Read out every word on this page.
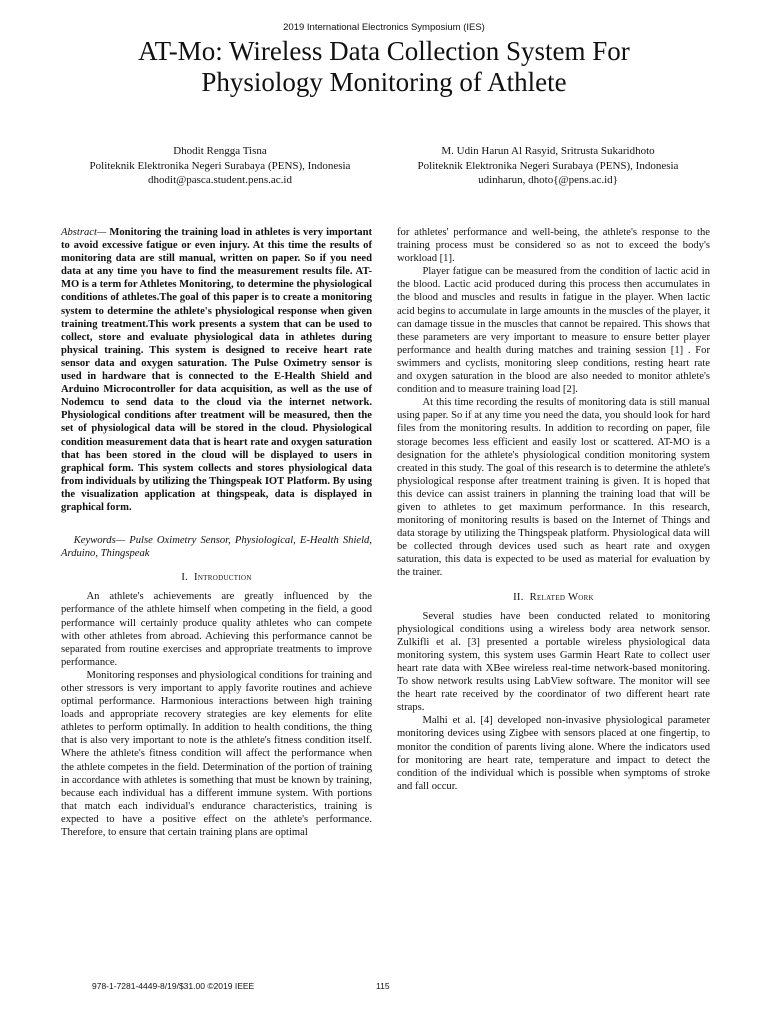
2019 International Electronics Symposium (IES)
AT-Mo: Wireless Data Collection System For
Physiology Monitoring of Athlete
Dhodit Rengga Tisna
Politeknik Elektronika Negeri Surabaya (PENS), Indonesia
dhodit@pasca.student.pens.ac.id
M. Udin Harun Al Rasyid, Sritrusta Sukaridhoto
Politeknik Elektronika Negeri Surabaya (PENS), Indonesia
udinharun, dhoto{@pens.ac.id}

Abstract— Monitoring the training load in athletes is very important to avoid excessive fatigue or even injury. At this time the results of monitoring data are still manual, written on paper. So if you need data at any time you have to find the measurement results file. AT-MO is a term for Athletes Monitoring, to determine the physiological conditions of athletes.The goal of this paper is to create a monitoring system to determine the athlete's physiological response when given training treatment.This work presents a system that can be used to collect, store and evaluate physiological data in athletes during physical training. This system is designed to receive heart rate sensor data and oxygen saturation. The Pulse Oximetry sensor is used in hardware that is connected to the E-Health Shield and Arduino Microcontroller for data acquisition, as well as the use of Nodemcu to send data to the cloud via the internet network. Physiological conditions after treatment will be measured, then the set of physiological data will be stored in the cloud. Physiological condition measurement data that is heart rate and oxygen saturation that has been stored in the cloud will be displayed to users in graphical form. This system collects and stores physiological data from individuals by utilizing the Thingspeak IOT Platform. By using the visualization application at thingspeak, data is displayed in graphical form.

Keywords— Pulse Oximetry Sensor, Physiological, E-Health Shield, Arduino, Thingspeak

I. Introduction

An athlete's achievements are greatly influenced by the performance of the athlete himself when competing in the field, a good performance will certainly produce quality athletes who can compete with other athletes from abroad. Achieving this performance cannot be separated from routine exercises and appropriate treatments to improve performance.

Monitoring responses and physiological conditions for training and other stressors is very important to apply favorite routines and achieve optimal performance. Harmonious interactions between high training loads and appropriate recovery strategies are key elements for elite athletes to perform optimally. In addition to health conditions, the thing that is also very important to note is the athlete's fitness condition itself. Where the athlete's fitness condition will affect the performance when the athlete competes in the field. Determination of the portion of training in accordance with athletes is something that must be known by training, because each individual has a different immune system. With portions that match each individual's endurance characteristics, training is expected to have a positive effect on the athlete's performance. Therefore, to ensure that certain training plans are optimal

for athletes' performance and well-being, the athlete's response to the training process must be considered so as not to exceed the body's workload [1].

Player fatigue can be measured from the condition of lactic acid in the blood. Lactic acid produced during this process then accumulates in the blood and muscles and results in fatigue in the player. When lactic acid begins to accumulate in large amounts in the muscles of the player, it can damage tissue in the muscles that cannot be repaired. This shows that these parameters are very important to measure to ensure better player performance and health during matches and training session [1] . For swimmers and cyclists, monitoring sleep conditions, resting heart rate and oxygen saturation in the blood are also needed to monitor athlete's condition and to measure training load [2].

At this time recording the results of monitoring data is still manual using paper. So if at any time you need the data, you should look for hard files from the monitoring results. In addition to recording on paper, file storage becomes less efficient and easily lost or scattered. AT-MO is a designation for the athlete's physiological condition monitoring system created in this study. The goal of this research is to determine the athlete's physiological response after treatment training is given. It is hoped that this device can assist trainers in planning the training load that will be given to athletes to get maximum performance. In this research, monitoring of monitoring results is based on the Internet of Things and data storage by utilizing the Thingspeak platform. Physiological data will be collected through devices used such as heart rate and oxygen saturation, this data is expected to be used as material for evaluation by the trainer.

II. Related Work

Several studies have been conducted related to monitoring physiological conditions using a wireless body area network sensor. Zulkifli et al. [3] presented a portable wireless physiological data monitoring system, this system uses Garmin Heart Rate to collect user heart rate data with XBee wireless real-time network-based monitoring. To show network results using LabView software. The monitor will see the heart rate received by the coordinator of two different heart rate straps.

Malhi et al. [4] developed non-invasive physiological parameter monitoring devices using Zigbee with sensors placed at one fingertip, to monitor the condition of parents living alone. Where the indicators used for monitoring are heart rate, temperature and impact to detect the condition of the individual which is possible when symptoms of stroke and fall occur.

978-1-7281-4449-8/19/$31.00 ©2019 IEEE	115
